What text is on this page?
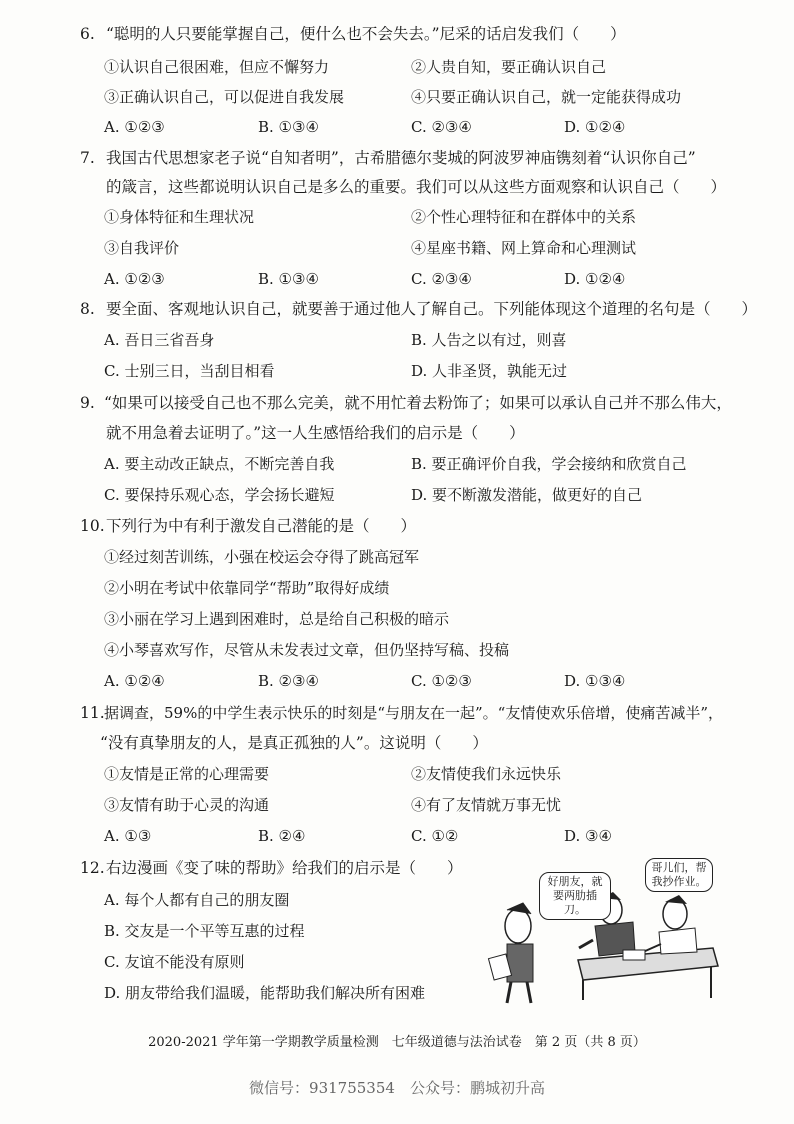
6. “聪明的人只要能掌握自己，便什么也不会失去。”尼采的话启发我们（　　）
①认识自己很困难，但应不懈努力	②人贵自知，要正确认识自己
③正确认识自己，可以促进自我发展	④只要正确认识自己，就一定能获得成功
A. ①②③	B. ①③④	C. ②③④	D. ①②④
7. 我国古代思想家老子说“自知者明”，古希腊德尔斐城的阿波罗神庙镌刻着“认识你自己”
的箴言，这些都说明认识自己是多么的重要。我们可以从这些方面观察和认识自己（　　）
①身体特征和生理状况	②个性心理特征和在群体中的关系
③自我评价	④星座书籍、网上算命和心理测试
A. ①②③	B. ①③④	C. ②③④	D. ①②④
8. 要全面、客观地认识自己，就要善于通过他人了解自己。下列能体现这个道理的名句是（　　）
A. 吾日三省吾身	B. 人告之以有过，则喜
C. 士别三日，当刮目相看	D. 人非圣贤，孰能无过
9. “如果可以接受自己也不那么完美，就不用忙着去粉饰了；如果可以承认自己并不那么伟大，
就不用急着去证明了。”这一人生感悟给我们的启示是（　　）
A. 要主动改正缺点，不断完善自我	B. 要正确评价自我，学会接纳和欣赏自己
C. 要保持乐观心态，学会扬长避短	D. 要不断激发潜能，做更好的自己
10. 下列行为中有利于激发自己潜能的是（　　）
①经过刻苦训练，小强在校运会夺得了跳高冠军
②小明在考试中依靠同学“帮助”取得好成绩
③小丽在学习上遇到困难时，总是给自己积极的暗示
④小琴喜欢写作，尽管从未发表过文章，但仍坚持写稿、投稿
A. ①②④	B. ②③④	C. ①②③	D. ①③④
11. 据调查，59%的中学生表示快乐的时刻是“与朋友在一起”。“友情使欢乐倍增，使痛苦减半”，
“没有真挚朋友的人，是真正孤独的人”。这说明（　　）
①友情是正常的心理需要	②友情使我们永远快乐
③友情有助于心灵的沟通	④有了友情就万事无忧
A. ①③	B. ②④	C. ①②	D. ③④
12. 右边漫画《变了味的帮助》给我们的启示是（　　）
A. 每个人都有自己的朋友圈
B. 交友是一个平等互惠的过程
C. 友谊不能没有原则
D. 朋友带给我们温暖，能帮助我们解决所有困难
好朋友，就要两肋插刀。
哥儿们，帮我抄作业。
2020-2021 学年第一学期教学质量检测　七年级道德与法治试卷　第 2 页（共 8 页）
微信号：931755354　公众号：鹏城初升高
